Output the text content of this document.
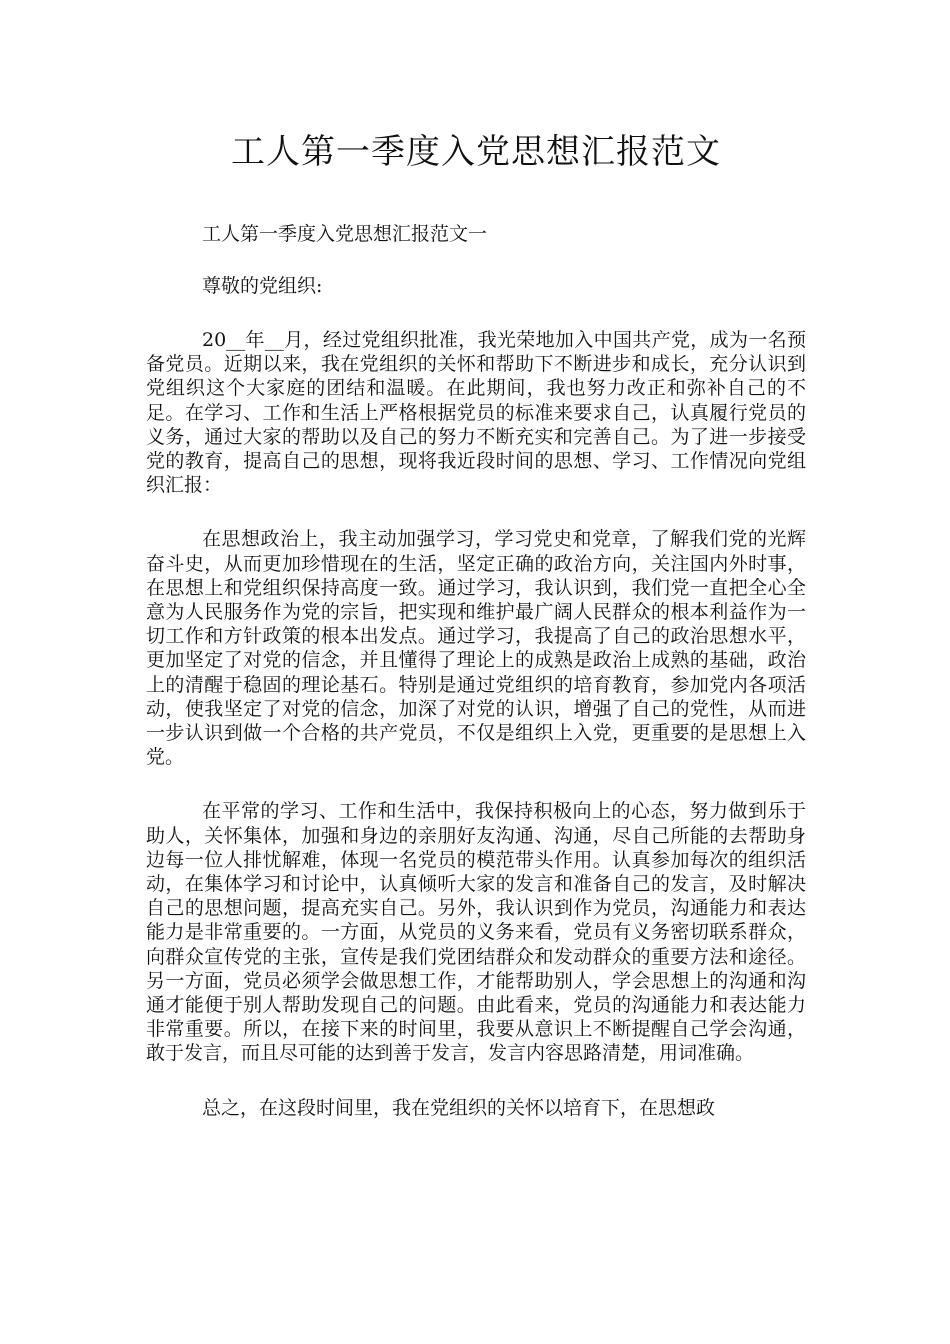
工人第一季度入党思想汇报范文

工人第一季度入党思想汇报范文一

尊敬的党组织:

20__年__月，经过党组织批准，我光荣地加入中国共产党，成为一名预备党员。近期以来，我在党组织的关怀和帮助下不断进步和成长，充分认识到党组织这个大家庭的团结和温暖。在此期间，我也努力改正和弥补自己的不足。在学习、工作和生活上严格根据党员的标准来要求自己，认真履行党员的义务，通过大家的帮助以及自己的努力不断充实和完善自己。为了进一步接受党的教育，提高自己的思想，现将我近段时间的思想、学习、工作情况向党组织汇报：

在思想政治上，我主动加强学习，学习党史和党章，了解我们党的光辉奋斗史，从而更加珍惜现在的生活，坚定正确的政治方向，关注国内外时事，在思想上和党组织保持高度一致。通过学习，我认识到，我们党一直把全心全意为人民服务作为党的宗旨，把实现和维护最广阔人民群众的根本利益作为一切工作和方针政策的根本出发点。通过学习，我提高了自己的政治思想水平，更加坚定了对党的信念，并且懂得了理论上的成熟是政治上成熟的基础，政治上的清醒于稳固的理论基石。特别是通过党组织的培育教育，参加党内各项活动，使我坚定了对党的信念，加深了对党的认识，增强了自己的党性，从而进一步认识到做一个合格的共产党员，不仅是组织上入党，更重要的是思想上入党。

在平常的学习、工作和生活中，我保持积极向上的心态，努力做到乐于助人，关怀集体，加强和身边的亲朋好友沟通、沟通，尽自己所能的去帮助身边每一位人排忧解难，体现一名党员的模范带头作用。认真参加每次的组织活动，在集体学习和讨论中，认真倾听大家的发言和准备自己的发言，及时解决自己的思想问题，提高充实自己。另外，我认识到作为党员，沟通能力和表达能力是非常重要的。一方面，从党员的义务来看，党员有义务密切联系群众，向群众宣传党的主张，宣传是我们党团结群众和发动群众的重要方法和途径。另一方面，党员必须学会做思想工作，才能帮助别人，学会思想上的沟通和沟通才能便于别人帮助发现自己的问题。由此看来，党员的沟通能力和表达能力非常重要。所以，在接下来的时间里，我要从意识上不断提醒自己学会沟通，敢于发言，而且尽可能的达到善于发言，发言内容思路清楚，用词准确。

总之，在这段时间里，我在党组织的关怀以培育下，在思想政
